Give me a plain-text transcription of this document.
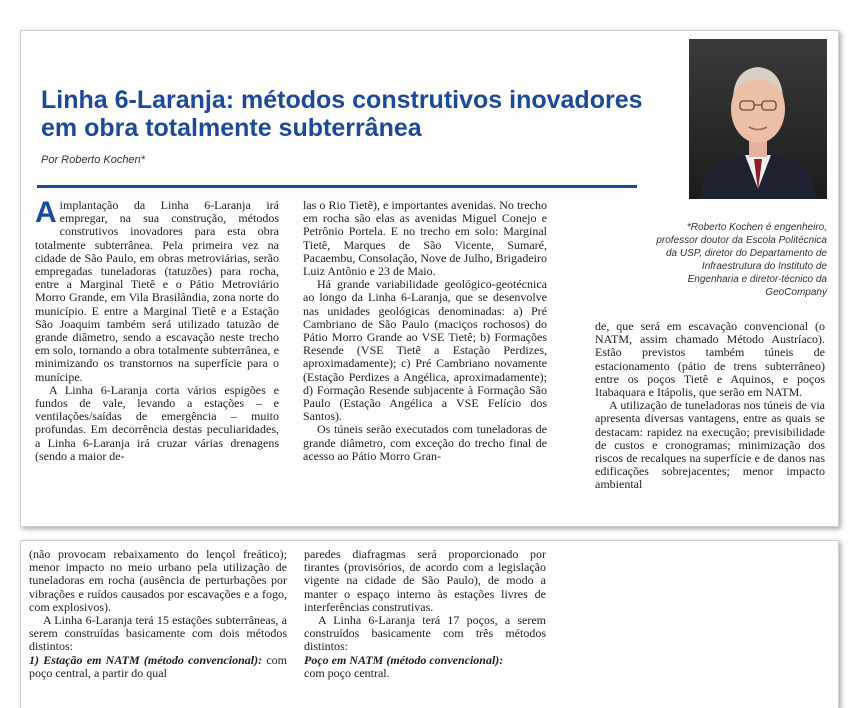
Linha 6-Laranja: métodos construtivos inovadores em obra totalmente subterrânea

Por Roberto Kochen*

*Roberto Kochen é engenheiro, professor doutor da Escola Politécnica da USP, diretor do Departamento de Infraestrutura do Instituto de Engenharia e diretor-técnico da GeoCompany

Aimplantação da Linha 6-Laranja irá empregar, na sua construção, métodos construtivos inovadores para esta obra totalmente subterrânea. Pela primeira vez na cidade de São Paulo, em obras metroviárias, serão empregadas tuneladoras (tatuzões) para rocha, entre a Marginal Tietê e o Pátio Metroviário Morro Grande, em Vila Brasilândia, zona norte do município. E entre a Marginal Tietê e a Estação São Joaquim também será utilizado tatuzão de grande diâmetro, sendo a escavação neste trecho em solo, tornando a obra totalmente subterrânea, e minimizando os transtornos na superfície para o munícipe.

A Linha 6-Laranja corta vários espigões e fundos de vale, levando a estações – e ventilações/saídas de emergência – muito profundas. Em decorrência destas peculiaridades, a Linha 6-Laranja irá cruzar várias drenagens (sendo a maior de-

las o Rio Tietê), e importantes avenidas. No trecho em rocha são elas as avenidas Miguel Conejo e Petrônio Portela. E no trecho em solo: Marginal Tietê, Marques de São Vicente, Sumaré, Pacaembu, Consolação, Nove de Julho, Brigadeiro Luiz Antônio e 23 de Maio.

Há grande variabilidade geológico-geotécnica ao longo da Linha 6-Laranja, que se desenvolve nas unidades geológicas denominadas: a) Pré Cambriano de São Paulo (maciços rochosos) do Pátio Morro Grande ao VSE Tietê; b) Formações Resende (VSE Tietê a Estação Perdizes, aproximadamente); c) Pré Cambriano novamente (Estação Perdizes a Angélica, aproximadamente); d) Formação Resende subjacente à Formação São Paulo (Estação Angélica a VSE Felício dos Santos).

Os túneis serão executados com tuneladoras de grande diâmetro, com exceção do trecho final de acesso ao Pátio Morro Gran-

de, que será em escavação convencional (o NATM, assim chamado Método Austríaco). Estão previstos também túneis de estacionamento (pátio de trens subterrâneo) entre os poços Tietê e Aquinos, e poços Itabaquara e Itápolis, que serão em NATM.

A utilização de tuneladoras nos túneis de via apresenta diversas vantagens, entre as quais se destacam: rapidez na execução; previsibilidade de custos e cronogramas; minimização dos riscos de recalques na superfície e de danos nas edificações sobrejacentes; menor impacto ambiental

(não provocam rebaixamento do lençol freático); menor impacto no meio urbano pela utilização de tuneladoras em rocha (ausência de perturbações por vibrações e ruídos causados por escavações e a fogo, com explosivos).

A Linha 6-Laranja terá 15 estações subterrâneas, a serem construídas basicamente com dois métodos distintos:

1) Estação em NATM (método convencional): com poço central, a partir do qual

paredes diafragmas será proporcionado por tirantes (provisórios, de acordo com a legislação vigente na cidade de São Paulo), de modo a manter o espaço interno às estações livres de interferências construtivas.

A Linha 6-Laranja terá 17 poços, a serem construídos basicamente com três métodos distintos:

Poço em NATM (método convencional):
com poço central.
